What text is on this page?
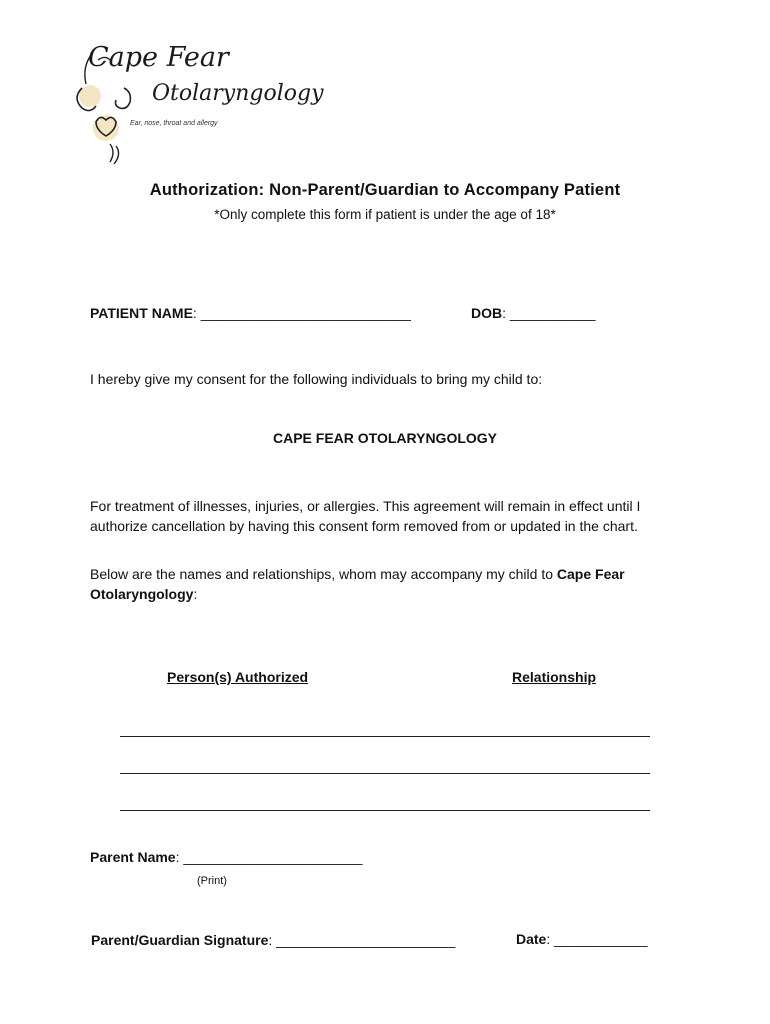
Cape Fear
Otolaryngology
Ear, nose, throat and allergy
Authorization: Non-Parent/Guardian to Accompany Patient
*Only complete this form if patient is under the age of 18*
PATIENT NAME: ___________________________	DOB: ___________
I hereby give my consent for the following individuals to bring my child to:
CAPE FEAR OTOLARYNGOLOGY
For treatment of illnesses, injuries, or allergies. This agreement will remain in effect until I authorize cancellation by having this consent form removed from or updated in the chart.
Below are the names and relationships, whom may accompany my child to Cape Fear Otolaryngology:
Person(s) Authorized	Relationship
Parent Name: _______________________
(Print)
Parent/Guardian Signature: _______________________	Date: ____________
